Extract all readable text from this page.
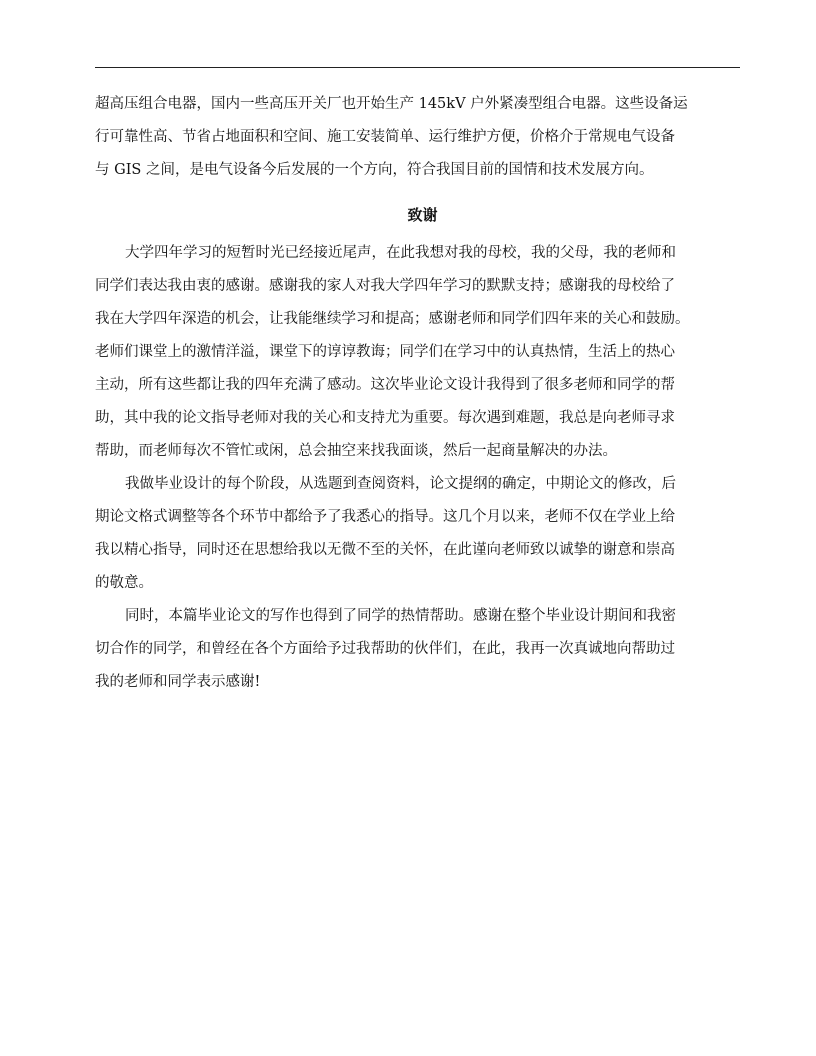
超高压组合电器，国内一些高压开关厂也开始生产 145kV 户外紧凑型组合电器。这些设备运
行可靠性高、节省占地面积和空间、施工安装简单、运行维护方便，价格介于常规电气设备
与 GIS 之间，是电气设备今后发展的一个方向，符合我国目前的国情和技术发展方向。

致谢

大学四年学习的短暂时光已经接近尾声，在此我想对我的母校，我的父母，我的老师和
同学们表达我由衷的感谢。感谢我的家人对我大学四年学习的默默支持；感谢我的母校给了
我在大学四年深造的机会，让我能继续学习和提高；感谢老师和同学们四年来的关心和鼓励。
老师们课堂上的激情洋溢，课堂下的谆谆教诲；同学们在学习中的认真热情，生活上的热心
主动，所有这些都让我的四年充满了感动。这次毕业论文设计我得到了很多老师和同学的帮
助，其中我的论文指导老师对我的关心和支持尤为重要。每次遇到难题，我总是向老师寻求
帮助，而老师每次不管忙或闲，总会抽空来找我面谈，然后一起商量解决的办法。

我做毕业设计的每个阶段，从选题到查阅资料，论文提纲的确定，中期论文的修改，后
期论文格式调整等各个环节中都给予了我悉心的指导。这几个月以来，老师不仅在学业上给
我以精心指导，同时还在思想给我以无微不至的关怀，在此谨向老师致以诚挚的谢意和崇高
的敬意。

同时，本篇毕业论文的写作也得到了同学的热情帮助。感谢在整个毕业设计期间和我密
切合作的同学，和曾经在各个方面给予过我帮助的伙伴们，在此，我再一次真诚地向帮助过
我的老师和同学表示感谢!
